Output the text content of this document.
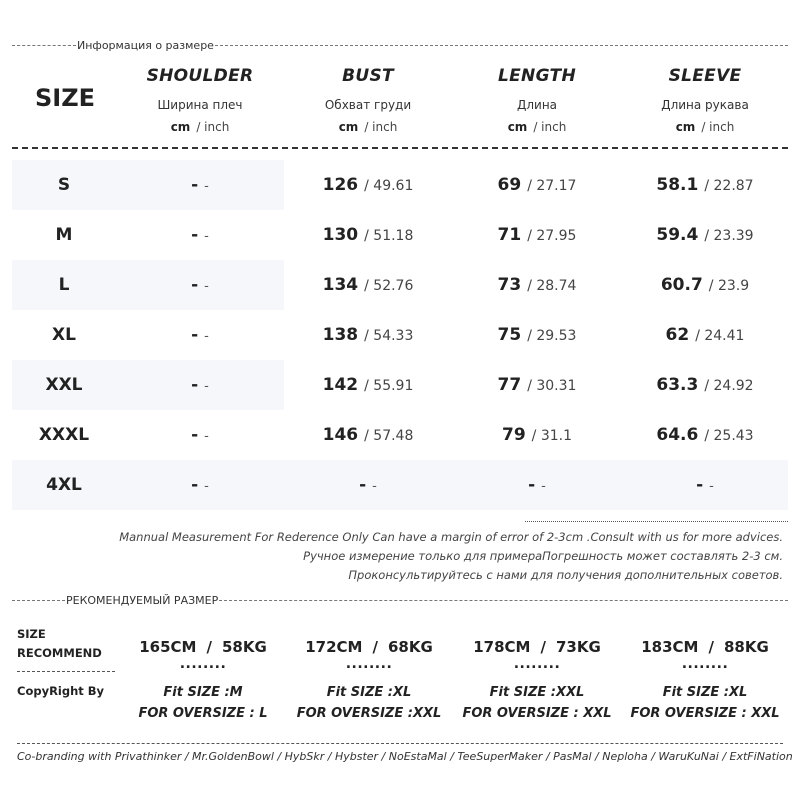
Информация о размере
SIZE
SHOULDER
Ширина плеч
cm / inch
BUST
Обхват груди
cm / inch
LENGTH
Длина
cm / inch
SLEEVE
Длина рукава
cm / inch
S	- -	126 / 49.61	69 / 27.17	58.1 / 22.87
M	- -	130 / 51.18	71 / 27.95	59.4 / 23.39
L	- -	134 / 52.76	73 / 28.74	60.7 / 23.9
XL	- -	138 / 54.33	75 / 29.53	62 / 24.41
XXL	- -	142 / 55.91	77 / 30.31	63.3 / 24.92
XXXL	- -	146 / 57.48	79 / 31.1	64.6 / 25.43
4XL	- -	- -	- -	- -
Mannual Measurement For Rederence Only Can have a margin of error of 2-3cm .Consult with us for more advices.
Ручное измерение только для примераПогрешность может составлять 2-3 см.
Проконсультируйтесь с нами для получения дополнительных советов.
РЕКОМЕНДУЕМЫЙ РАЗМЕР
SIZE
RECOMMEND
CopyRight By
165CM / 58KG
........
Fit SIZE :M
FOR OVERSIZE : L
172CM / 68KG
........
Fit SIZE :XL
FOR OVERSIZE :XXL
178CM / 73KG
........
Fit SIZE :XXL
FOR OVERSIZE : XXL
183CM / 88KG
........
Fit SIZE :XL
FOR OVERSIZE : XXL
Co-branding with Privathinker / Mr.GoldenBowl / HybSkr / Hybster / NoEstaMal / TeeSuperMaker / PasMal / Neploha / WaruKuNai / ExtFiNation
